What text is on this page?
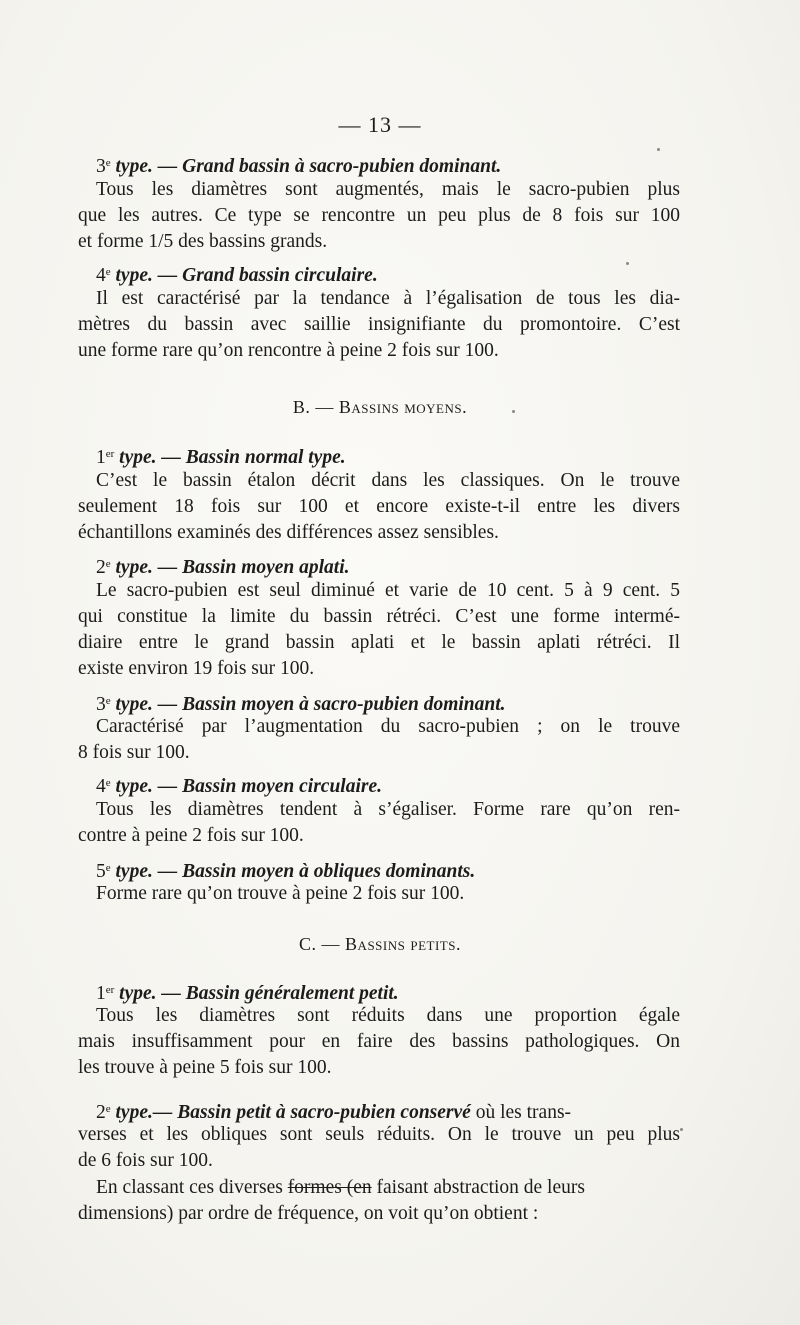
— 13 —
3e type. — Grand bassin à sacro-pubien dominant.
Tous les diamètres sont augmentés, mais le sacro-pubien plus
que les autres. Ce type se rencontre un peu plus de 8 fois sur 100
et forme 1/5 des bassins grands.
4e type. — Grand bassin circulaire.
Il est caractérisé par la tendance à l’égalisation de tous les dia-
mètres du bassin avec saillie insignifiante du promontoire. C’est
une forme rare qu’on rencontre à peine 2 fois sur 100.
B. — Bassins moyens.
1er type. — Bassin normal type.
C’est le bassin étalon décrit dans les classiques. On le trouve
seulement 18 fois sur 100 et encore existe-t-il entre les divers
échantillons examinés des différences assez sensibles.
2e type. — Bassin moyen aplati.
Le sacro-pubien est seul diminué et varie de 10 cent. 5 à 9 cent. 5
qui constitue la limite du bassin rétréci. C’est une forme intermé-
diaire entre le grand bassin aplati et le bassin aplati rétréci. Il
existe environ 19 fois sur 100.
3e type. — Bassin moyen à sacro-pubien dominant.
Caractérisé par l’augmentation du sacro-pubien ; on le trouve
8 fois sur 100.
4e type. — Bassin moyen circulaire.
Tous les diamètres tendent à s’égaliser. Forme rare qu’on ren-
contre à peine 2 fois sur 100.
5e type. — Bassin moyen à obliques dominants.
Forme rare qu’on trouve à peine 2 fois sur 100.
C. — Bassins petits.
1er type. — Bassin généralement petit.
Tous les diamètres sont réduits dans une proportion égale
mais insuffisamment pour en faire des bassins pathologiques. On
les trouve à peine 5 fois sur 100.
2e type.— Bassin petit à sacro-pubien conservé où les trans-
verses et les obliques sont seuls réduits. On le trouve un peu plus
de 6 fois sur 100.
En classant ces diverses formes (en faisant abstraction de leurs
dimensions) par ordre de fréquence, on voit qu’on obtient :
